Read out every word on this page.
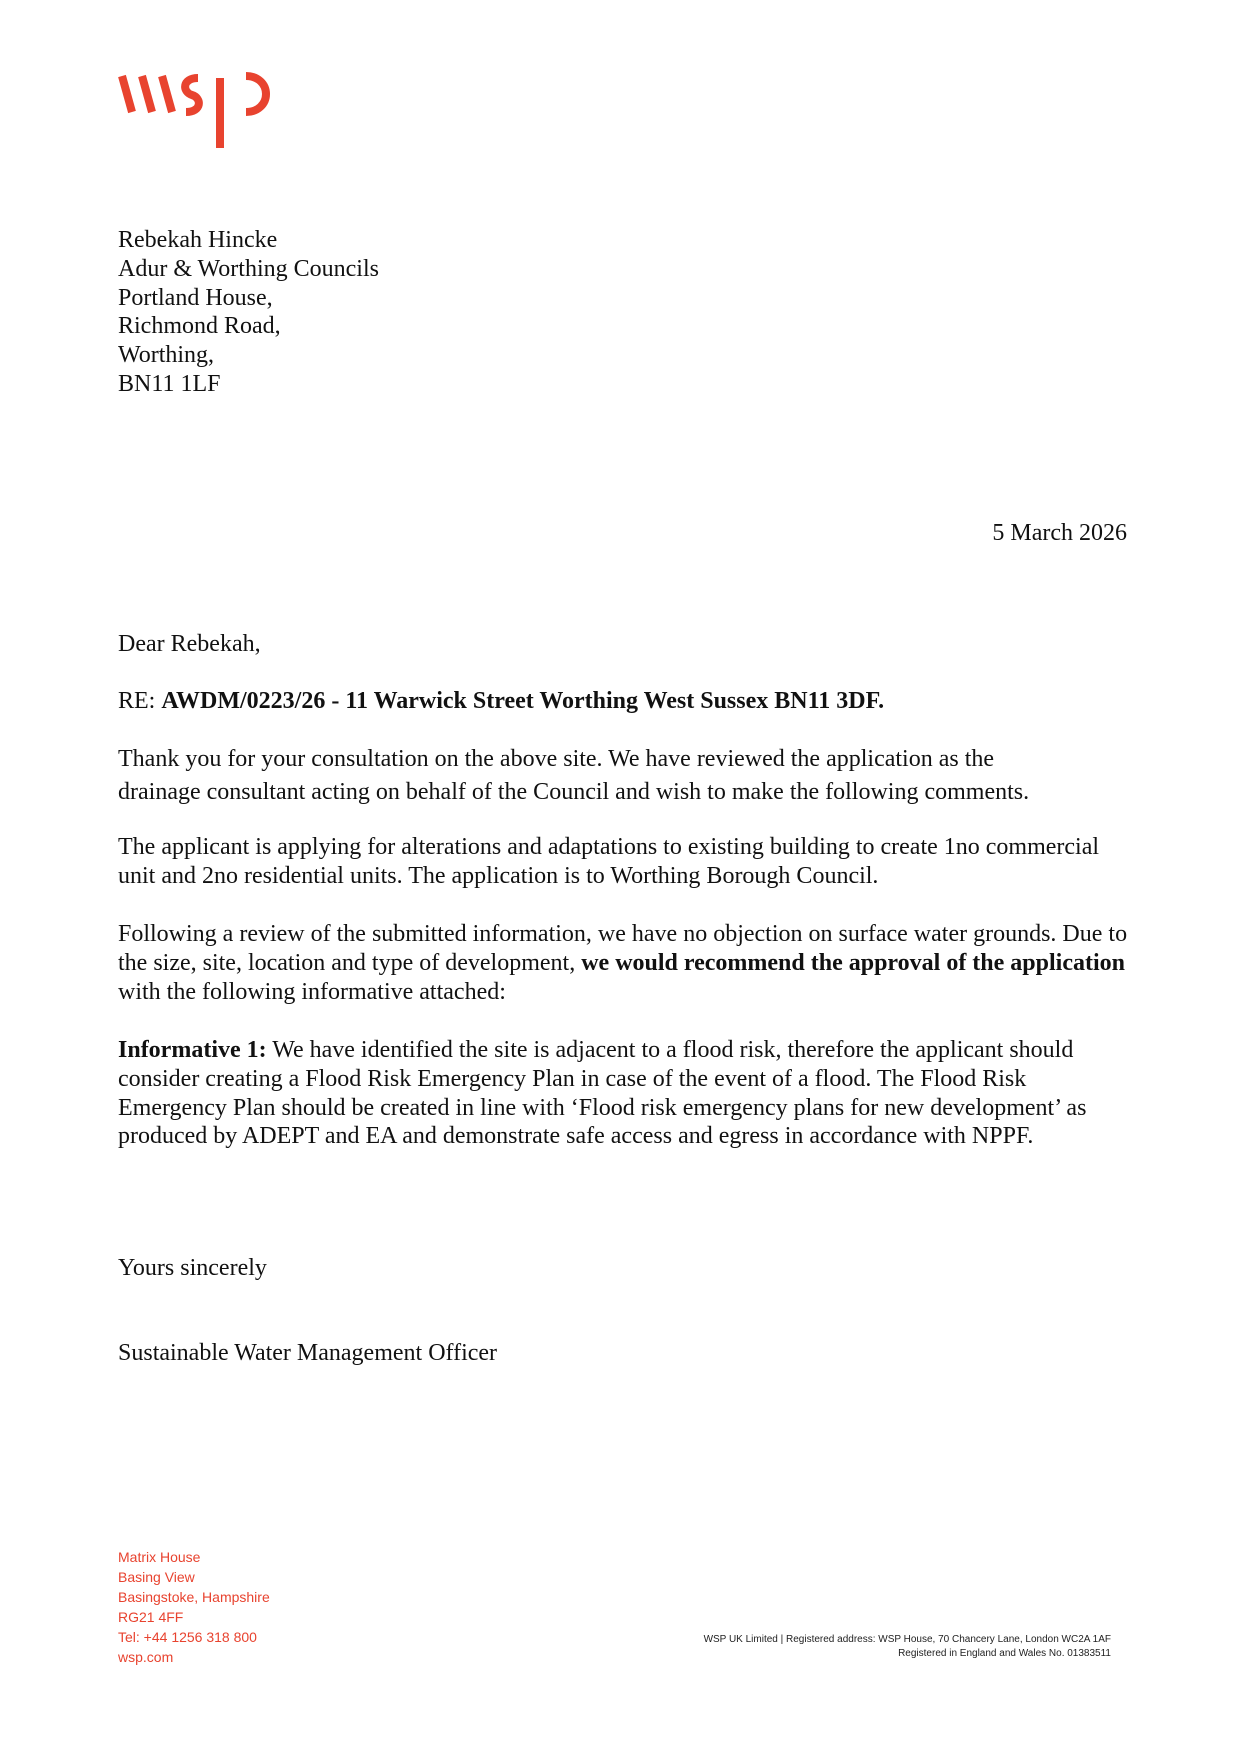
Rebekah Hincke
Adur & Worthing Councils
Portland House,
Richmond Road,
Worthing,
BN11 1LF
5 March 2026
Dear Rebekah,
RE: AWDM/0223/26 - 11 Warwick Street Worthing West Sussex BN11 3DF.
Thank you for your consultation on the above site. We have reviewed the application as the
drainage consultant acting on behalf of the Council and wish to make the following comments.

The applicant is applying for alterations and adaptations to existing building to create 1no commercial unit and 2no residential units. The application is to Worthing Borough Council.

Following a review of the submitted information, we have no objection on surface water grounds. Due to the size, site, location and type of development, we would recommend the approval of the application with the following informative attached:

Informative 1: We have identified the site is adjacent to a flood risk, therefore the applicant should consider creating a Flood Risk Emergency Plan in case of the event of a flood. The Flood Risk Emergency Plan should be created in line with ‘Flood risk emergency plans for new development’ as produced by ADEPT and EA and demonstrate safe access and egress in accordance with NPPF.

Yours sincerely
Sustainable Water Management Officer
Matrix House
Basing View
Basingstoke, Hampshire
RG21 4FF
Tel: +44 1256 318 800
wsp.com
WSP UK Limited | Registered address: WSP House, 70 Chancery Lane, London WC2A 1AF
Registered in England and Wales No. 01383511
